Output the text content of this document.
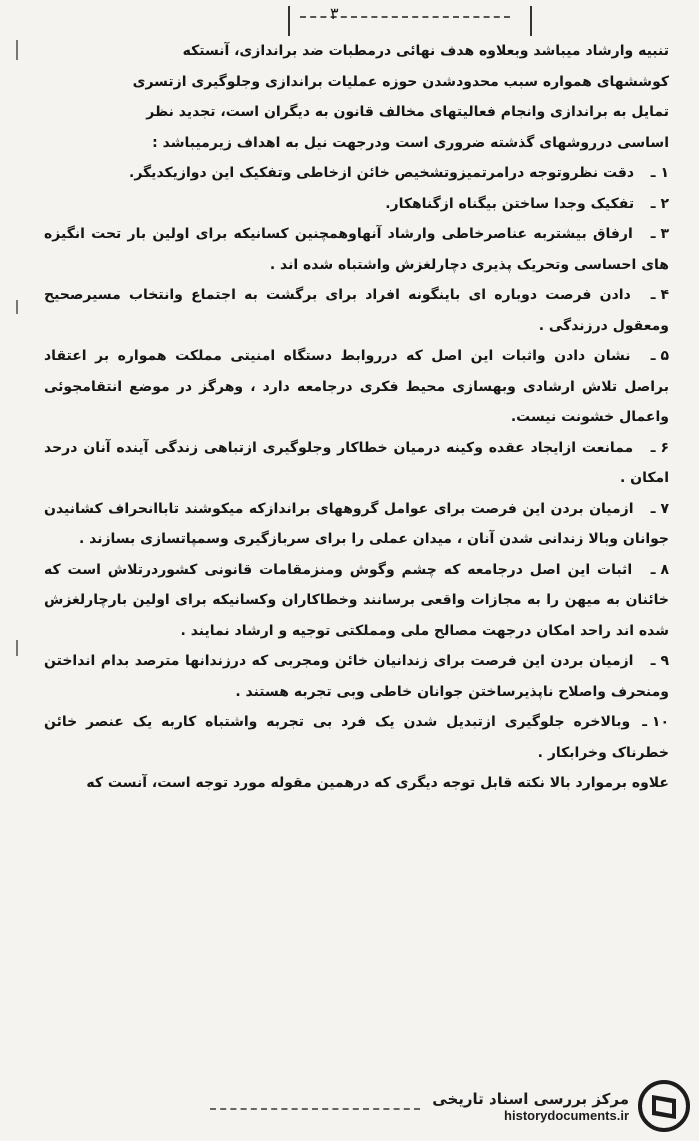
۳

تنبیه وارشاد میباشد وبعلاوه هدف نهائی درمطبات ضد براندازی، آنستکه

کوششهای همواره سبب محدودشدن حوزه عملیات براندازی وجلوگیری ازتسری

تمایل به براندازی وانجام فعالیتهای مخالف قانون به دیگران است، تجدید نظر

اساسی درروشهای گذشته ضروری است ودرجهت نیل به اهداف زیرمیباشد :

۱ ـ دقت نظروتوجه درامرتمیزوتشخیص خائن ازخاطی وتفکیک این دوازیکدیگر.

۲ ـ تفکیک وجدا ساختن بیگناه ازگناهکار.

۳ ـ ارفاق بیشتربه عناصرخاطی وارشاد آنهاوهمچنین کسانیکه برای اولین بار تحت انگیزه های احساسی وتحریک پذیری دچارلغزش واشتباه شده اند .

۴ ـ دادن فرصت دوباره ای باینگونه افراد برای برگشت به اجتماع وانتخاب مسیرصحیح ومعقول درزندگی .

۵ ـ نشان دادن واثبات این اصل که درروابط دستگاه امنیتی مملکت همواره بر اعتقاد براصل تلاش ارشادی وبهسازی محیط فکری درجامعه دارد ، وهرگز در موضع انتقامجوئی واعمال خشونت نیست.

۶ ـ ممانعت ازایجاد عقده وکینه درمیان خطاکار وجلوگیری ازتباهی زندگی آینده آنان درحد امکان .

۷ ـ ازمیان بردن این فرصت برای عوامل گروههای براندازکه میکوشند تاباانحراف کشانیدن جوانان وبالا زندانی شدن آنان ، میدان عملی را برای سربازگیری وسمپاتسازی بسازند .

۸ ـ اثبات این اصل درجامعه که چشم وگوش ومنزمقامات قانونی کشوردرتلاش است که خائنان به میهن را به مجازات واقعی برسانند وخطاکاران وکسانیکه برای اولین بارچارلغزش شده اند راحد امکان درجهت مصالح ملی ومملکتی توجیه و ارشاد نمایند .

۹ ـ ازمیان بردن این فرصت برای زندانیان خائن ومجربی که درزندانها مترصد بدام انداختن ومنحرف واصلاح ناپذیرساختن جوانان خاطی وبی تجربه هستند .

۱۰ ـ وبالاخره جلوگیری ازتبدیل شدن یک فرد بی تجربه واشتباه کاربه یک عنصر خائن خطرناک وخرابکار .

علاوه برموارد بالا نکته قابل توجه دیگری که درهمین مقوله مورد توجه است، آنست که

مرکز بررسی اسناد تاریخی
historydocuments.ir
